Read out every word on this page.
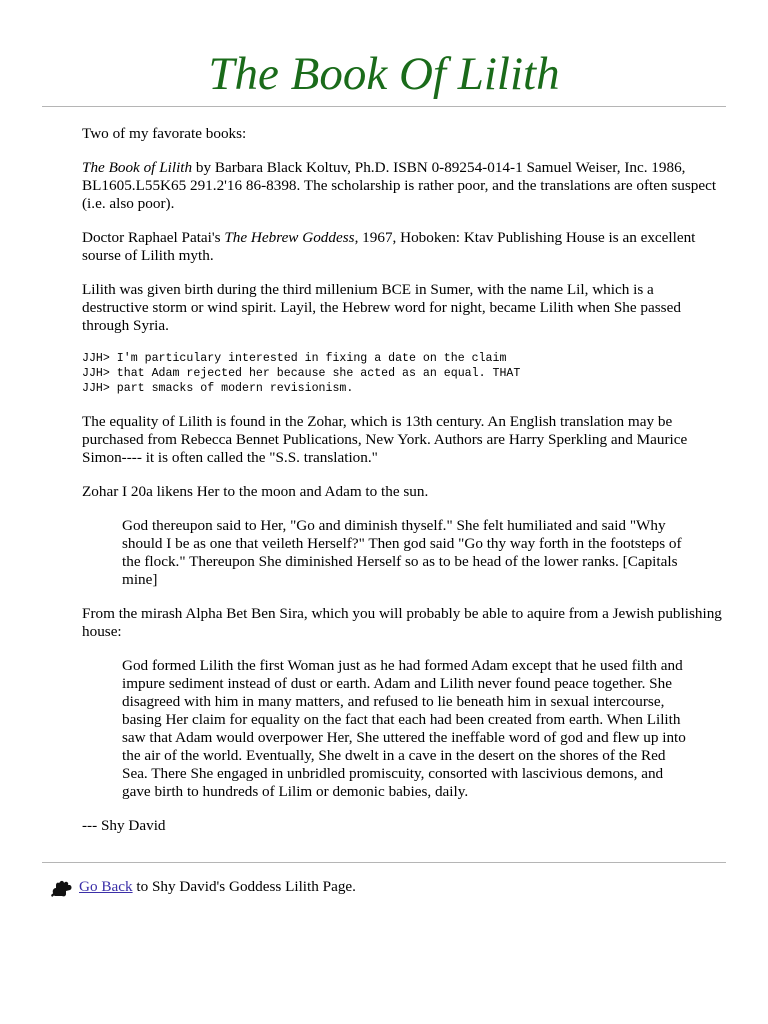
The Book Of Lilith

Two of my favorate books:

The Book of Lilith by Barbara Black Koltuv, Ph.D. ISBN 0-89254-014-1 Samuel Weiser, Inc. 1986, BL1605.L55K65 291.2'16 86-8398. The scholarship is rather poor, and the translations are often suspect (i.e. also poor).

Doctor Raphael Patai's The Hebrew Goddess, 1967, Hoboken: Ktav Publishing House is an excellent sourse of Lilith myth.

Lilith was given birth during the third millenium BCE in Sumer, with the name Lil, which is a destructive storm or wind spirit. Layil, the Hebrew word for night, became Lilith when She passed through Syria.

JJH> I'm particulary interested in fixing a date on the claim
JJH> that Adam rejected her because she acted as an equal. THAT
JJH> part smacks of modern revisionism.

The equality of Lilith is found in the Zohar, which is 13th century. An English translation may be purchased from Rebecca Bennet Publications, New York. Authors are Harry Sperkling and Maurice Simon---- it is often called the "S.S. translation."

Zohar I 20a likens Her to the moon and Adam to the sun.

God thereupon said to Her, "Go and diminish thyself." She felt humiliated and said "Why should I be as one that veileth Herself?" Then god said "Go thy way forth in the footsteps of the flock." Thereupon She diminished Herself so as to be head of the lower ranks. [Capitals mine]

From the mirash Alpha Bet Ben Sira, which you will probably be able to aquire from a Jewish publishing house:

God formed Lilith the first Woman just as he had formed Adam except that he used filth and impure sediment instead of dust or earth. Adam and Lilith never found peace together. She disagreed with him in many matters, and refused to lie beneath him in sexual intercourse, basing Her claim for equality on the fact that each had been created from earth. When Lilith saw that Adam would overpower Her, She uttered the ineffable word of god and flew up into the air of the world. Eventually, She dwelt in a cave in the desert on the shores of the Red Sea. There She engaged in unbridled promiscuity, consorted with lascivious demons, and gave birth to hundreds of Lilim or demonic babies, daily.

--- Shy David

Go Back to Shy David's Goddess Lilith Page.
